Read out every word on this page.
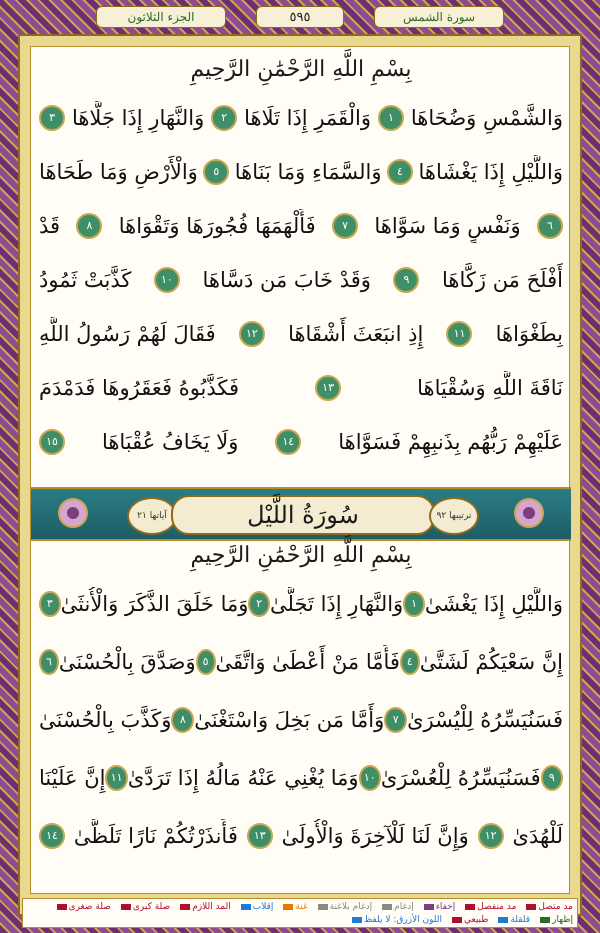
الجزء الثلاثون	٥٩٥	سورة الشمس
بِسْمِ اللَّهِ الرَّحْمَٰنِ الرَّحِيمِ
وَالشَّمْسِ وَضُحَاهَا
١
وَالْقَمَرِ إِذَا تَلَاهَا
٢
وَالنَّهَارِ إِذَا جَلَّاهَا
٣
وَاللَّيْلِ إِذَا يَغْشَاهَا
٤
وَالسَّمَاءِ وَمَا بَنَاهَا
٥
وَالْأَرْضِ وَمَا طَحَاهَا
٦
وَنَفْسٍ وَمَا سَوَّاهَا
٧
فَأَلْهَمَهَا فُجُورَهَا وَتَقْوَاهَا
٨
قَدْ
أَفْلَحَ مَن زَكَّاهَا
٩
وَقَدْ خَابَ مَن دَسَّاهَا
١٠
كَذَّبَتْ ثَمُودُ
بِطَغْوَاهَا
١١
إِذِ انبَعَثَ أَشْقَاهَا
١٢
فَقَالَ لَهُمْ رَسُولُ اللَّهِ
نَاقَةَ اللَّهِ وَسُقْيَاهَا
١٣
فَكَذَّبُوهُ فَعَقَرُوهَا فَدَمْدَمَ
عَلَيْهِمْ رَبُّهُم بِذَنبِهِمْ فَسَوَّاهَا
١٤
وَلَا يَخَافُ عُقْبَاهَا
١٥
آياتها ٢١	سُورَةُ اللَّيْل	ترتيبها ٩٢
بِسْمِ اللَّهِ الرَّحْمَٰنِ الرَّحِيمِ
وَاللَّيْلِ إِذَا يَغْشَىٰ
١
وَالنَّهَارِ إِذَا تَجَلَّىٰ
٢
وَمَا خَلَقَ الذَّكَرَ وَالْأُنثَىٰ
٣
إِنَّ سَعْيَكُمْ لَشَتَّىٰ
٤
فَأَمَّا مَنْ أَعْطَىٰ وَاتَّقَىٰ
٥
وَصَدَّقَ بِالْحُسْنَىٰ
٦
فَسَنُيَسِّرُهُ لِلْيُسْرَىٰ
٧
وَأَمَّا مَن بَخِلَ وَاسْتَغْنَىٰ
٨
وَكَذَّبَ بِالْحُسْنَىٰ
٩
فَسَنُيَسِّرُهُ لِلْعُسْرَىٰ
١٠
وَمَا يُغْنِي عَنْهُ مَالُهُ إِذَا تَرَدَّىٰ
١١
إِنَّ عَلَيْنَا
لَلْهُدَىٰ
١٢
وَإِنَّ لَنَا لَلْآخِرَةَ وَالْأُولَىٰ
١٣
فَأَنذَرْتُكُمْ نَارًا تَلَظَّىٰ
١٤
مد متصل
مد منفصل
إخفاء
إدغام
إدغام بلاغنة
غنة
إقلاب
المد اللازم
صلة كبرى
صلة صغرى
إظهار
قلقلة
طبيعي
اللون الأزرق: لا يلفظ
